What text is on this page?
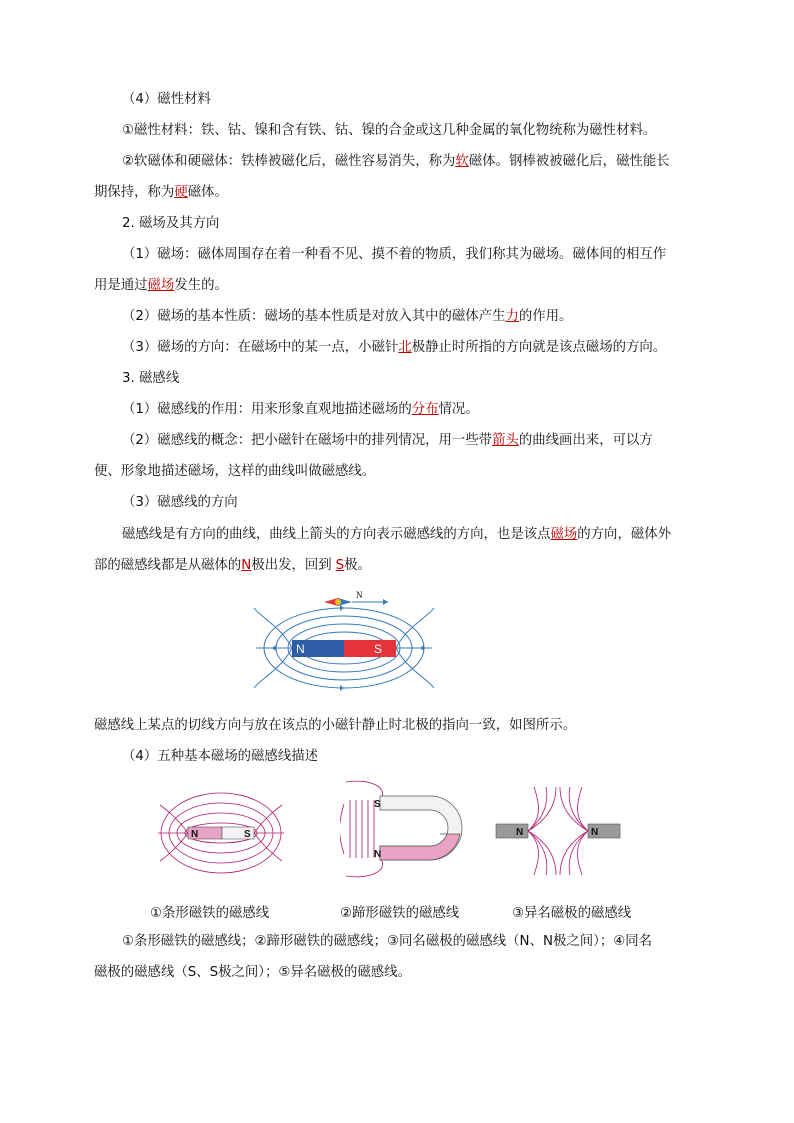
（4）磁性材料
①磁性材料：铁、钴、镍和含有铁、钴、镍的合金或这几种金属的氧化物统称为磁性材料。
②软磁体和硬磁体：铁棒被磁化后，磁性容易消失，称为软磁体。钢棒被被磁化后，磁性能长
期保持，称为硬磁体。
2. 磁场及其方向
（1）磁场：磁体周围存在着一种看不见、摸不着的物质，我们称其为磁场。磁体间的相互作
用是通过磁场发生的。
（2）磁场的基本性质：磁场的基本性质是对放入其中的磁体产生力的作用。
（3）磁场的方向：在磁场中的某一点，小磁针北极静止时所指的方向就是该点磁场的方向。
3. 磁感线
（1）磁感线的作用：用来形象直观地描述磁场的分布情况。
（2）磁感线的概念：把小磁针在磁场中的排列情况，用一些带箭头的曲线画出来，可以方
便、形象地描述磁场，这样的曲线叫做磁感线。
（3）磁感线的方向
磁感线是有方向的曲线，曲线上箭头的方向表示磁感线的方向，也是该点磁场的方向，磁体外
部的磁感线都是从磁体的N极出发，回到 S极。
N	S
N
磁感线上某点的切线方向与放在该点的小磁针静止时北极的指向一致，如图所示。
（4）五种基本磁场的磁感线描述
N	S
S
N
N	N
①条形磁铁的磁感线	②蹄形磁铁的磁感线	③异名磁极的磁感线
①条形磁铁的磁感线；②蹄形磁铁的磁感线；③同名磁极的磁感线（N、N极之间）；④同名
磁极的磁感线（S、S极之间）；⑤异名磁极的磁感线。
